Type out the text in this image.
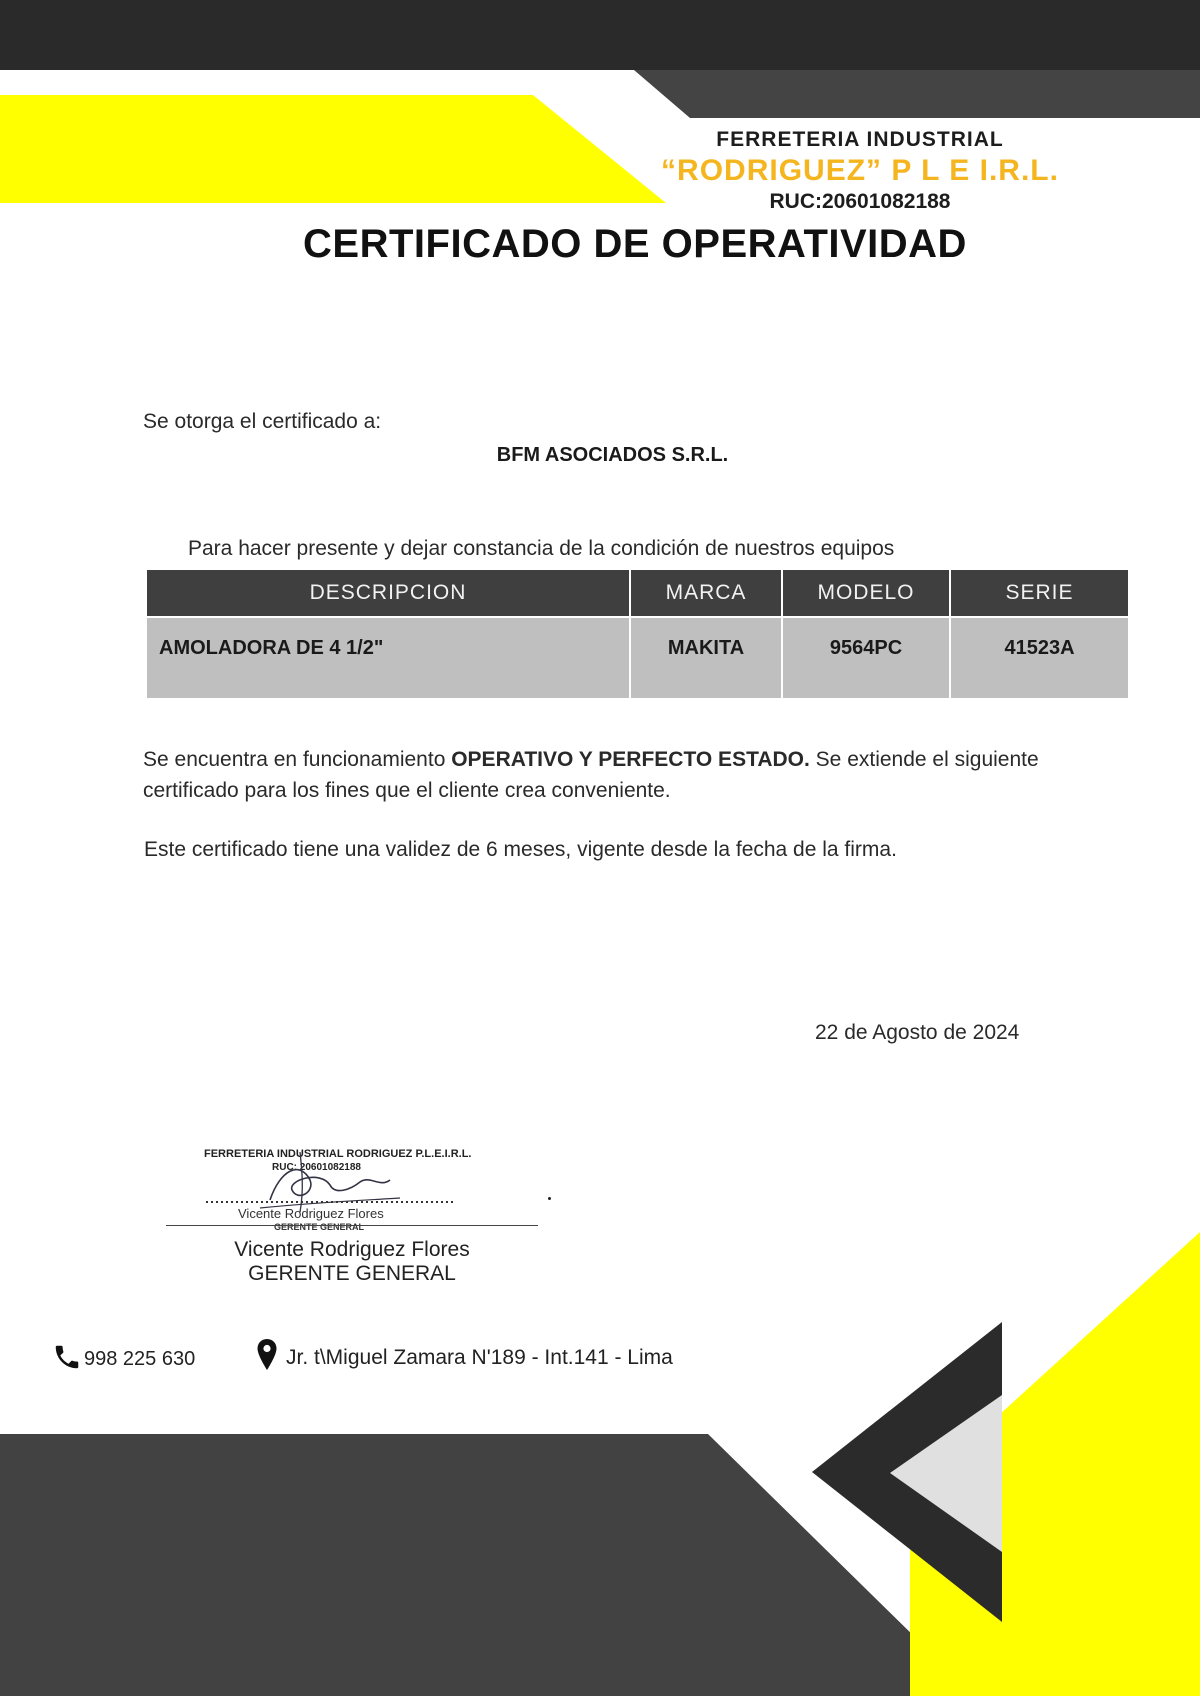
FERRETERIA INDUSTRIAL
“RODRIGUEZ” P L E I.R.L.
RUC:20601082188
CERTIFICADO DE OPERATIVIDAD
Se otorga el certificado a:
BFM ASOCIADOS S.R.L.
Para hacer presente y dejar constancia de la condición de nuestros equipos
DESCRIPCION	MARCA	MODELO	SERIE
AMOLADORA DE 4 1/2"	MAKITA	9564PC	41523A
Se encuentra en funcionamiento OPERATIVO Y PERFECTO ESTADO. Se extiende el siguiente certificado para los fines que el cliente crea conveniente.
Este certificado tiene una validez de 6 meses, vigente desde la fecha de la firma.
22 de Agosto de 2024
FERRETERIA INDUSTRIAL RODRIGUEZ P.L.E.I.R.L.
RUC: 20601082188
Vicente Rodriguez Flores
GERENTE GENERAL
Vicente Rodriguez Flores
GERENTE GENERAL
998 225 630	Jr. t\Miguel Zamara N'189 - Int.141 - Lima
